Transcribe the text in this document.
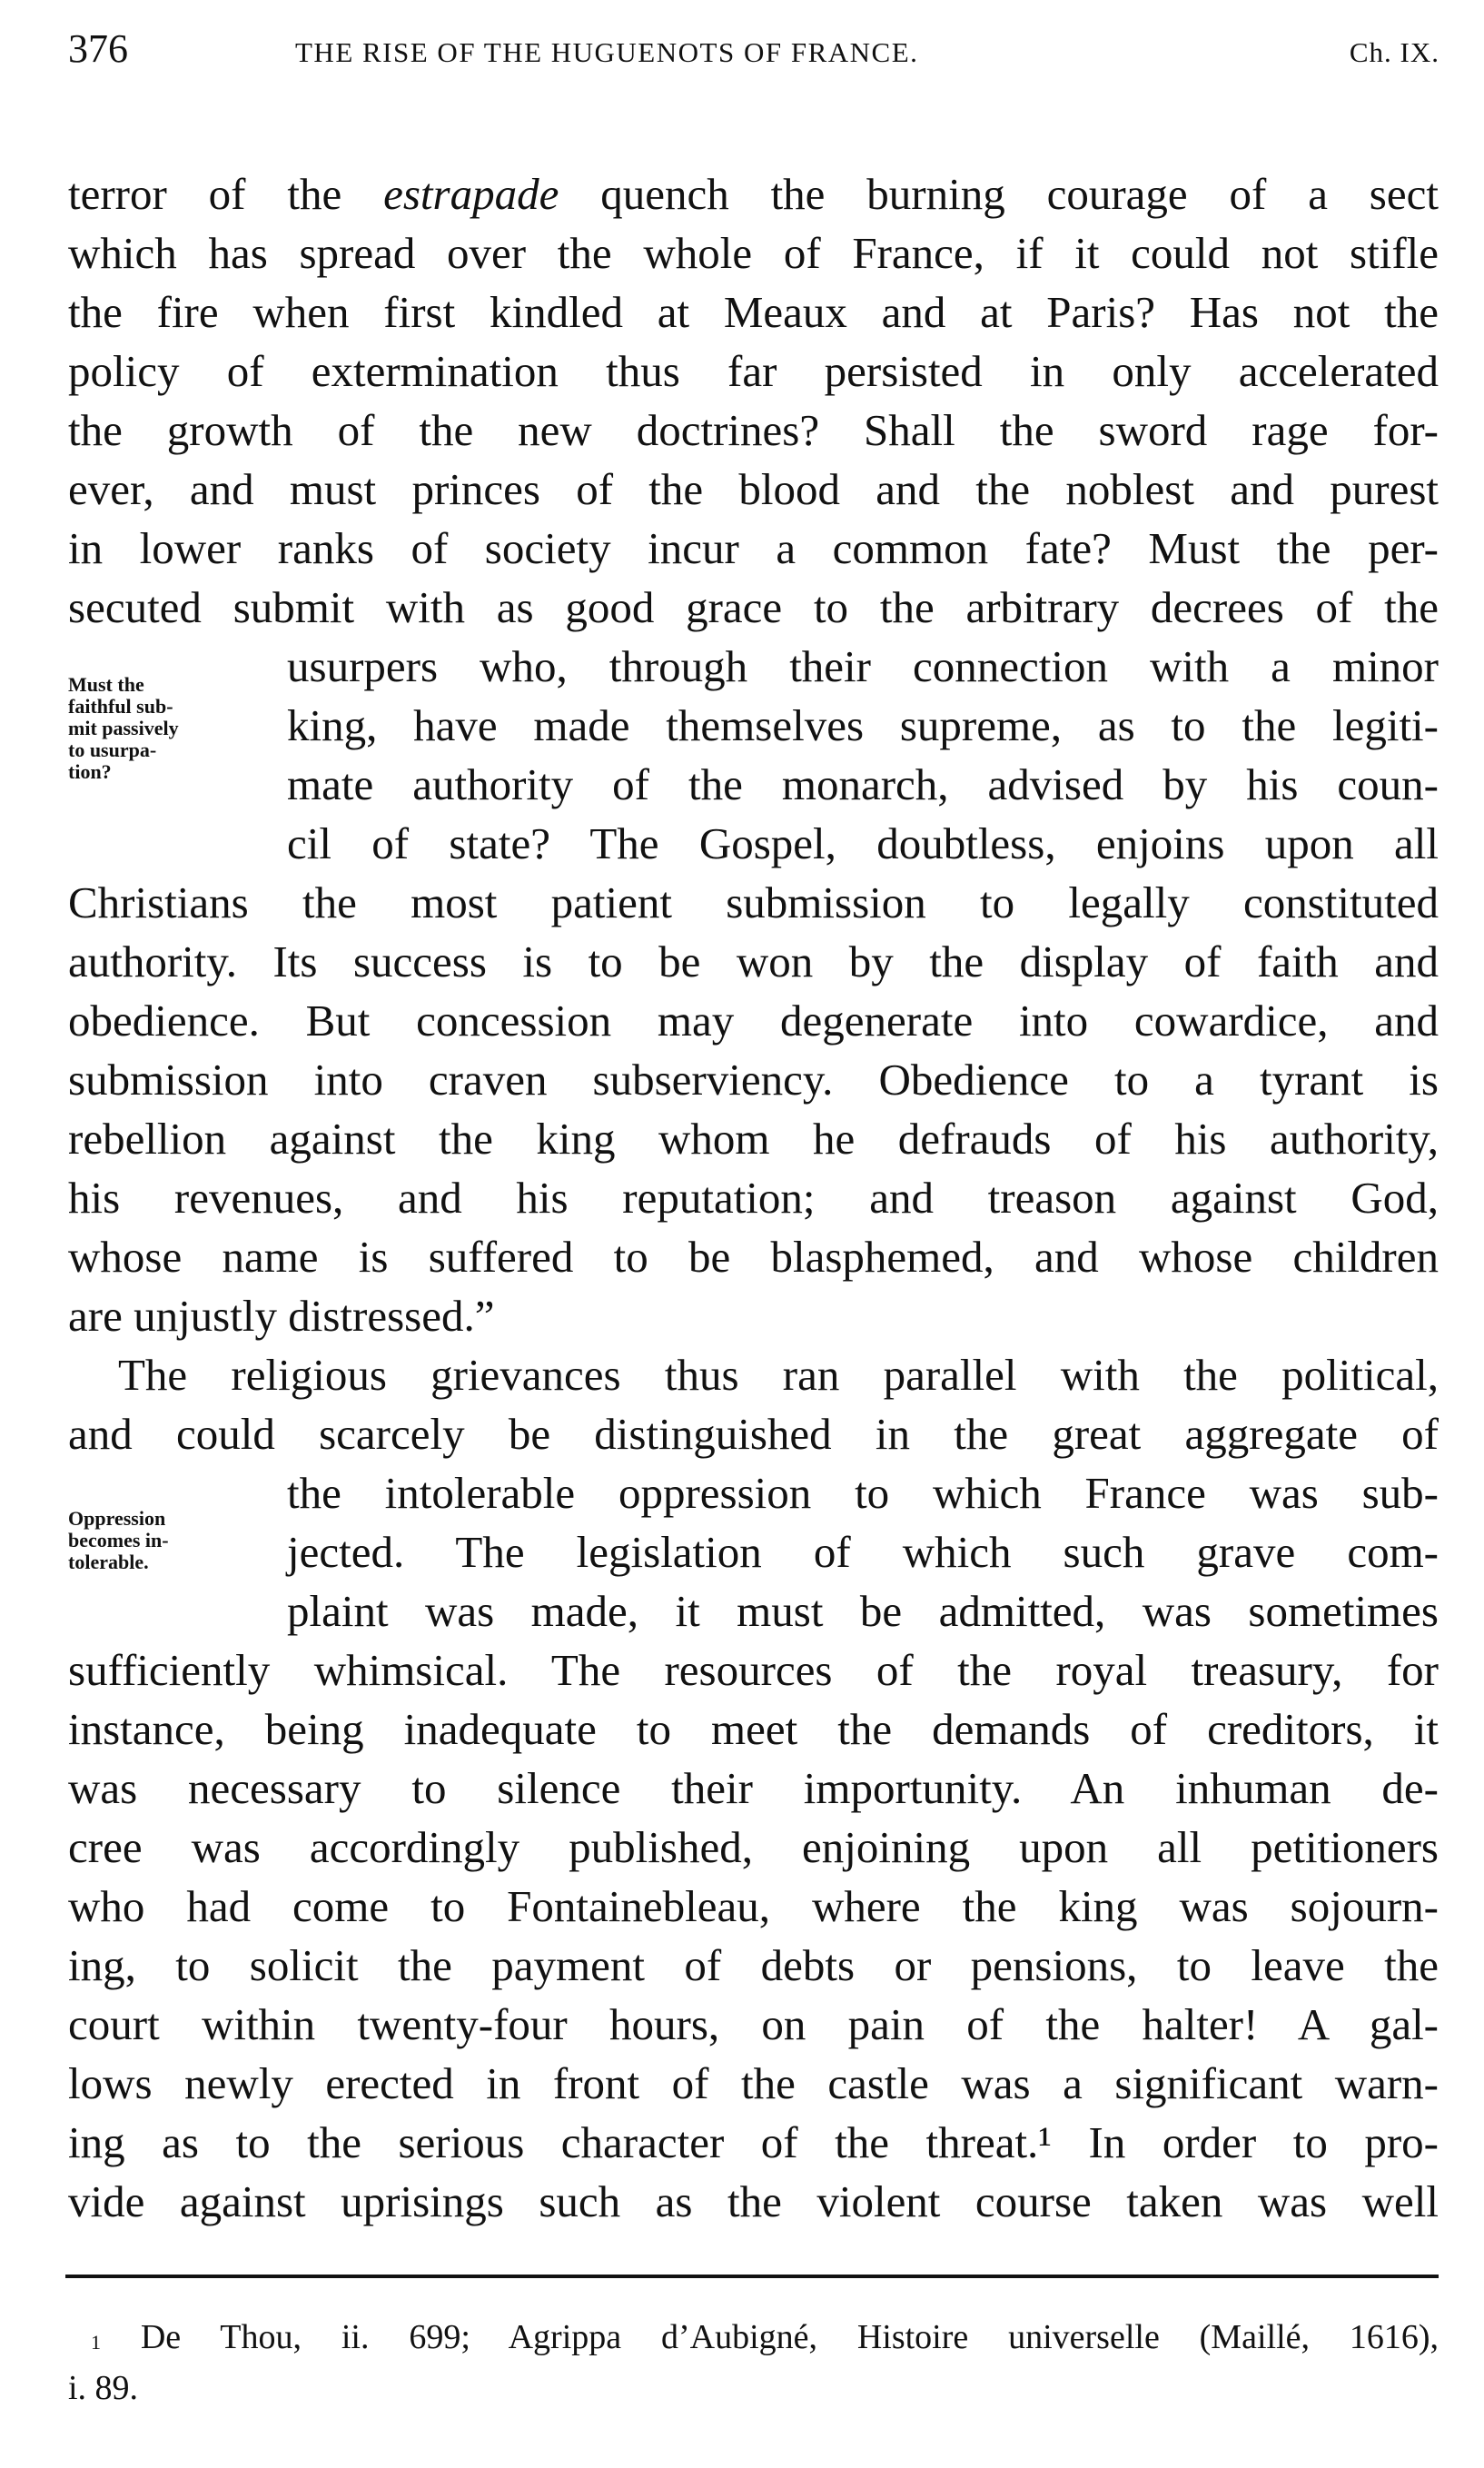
376	THE RISE OF THE HUGUENOTS OF FRANCE.	Ch. IX.
terror of the estrapade quench the burning courage of a sect
which has spread over the whole of France, if it could not stifle
the fire when first kindled at Meaux and at Paris? Has not the
policy of extermination thus far persisted in only accelerated
the growth of the new doctrines? Shall the sword rage for-
ever, and must princes of the blood and the noblest and purest
in lower ranks of society incur a common fate? Must the per-
secuted submit with as good grace to the arbitrary decrees of the
usurpers who, through their connection with a minor
king, have made themselves supreme, as to the legiti-
mate authority of the monarch, advised by his coun-
cil of state? The Gospel, doubtless, enjoins upon all
Christians the most patient submission to legally constituted
authority. Its success is to be won by the display of faith and
obedience. But concession may degenerate into cowardice, and
submission into craven subserviency. Obedience to a tyrant is
rebellion against the king whom he defrauds of his authority,
his revenues, and his reputation; and treason against God,
whose name is suffered to be blasphemed, and whose children
are unjustly distressed.”
The religious grievances thus ran parallel with the political,
and could scarcely be distinguished in the great aggregate of
the intolerable oppression to which France was sub-
jected. The legislation of which such grave com-
plaint was made, it must be admitted, was sometimes
sufficiently whimsical. The resources of the royal treasury, for
instance, being inadequate to meet the demands of creditors, it
was necessary to silence their importunity. An inhuman de-
cree was accordingly published, enjoining upon all petitioners
who had come to Fontainebleau, where the king was sojourn-
ing, to solicit the payment of debts or pensions, to leave the
court within twenty-four hours, on pain of the halter! A gal-
lows newly erected in front of the castle was a significant warn-
ing as to the serious character of the threat.¹ In order to pro-
vide against uprisings such as the violent course taken was well
Must the
faithful sub-
mit passively
to usurpa-
tion?
Oppression
becomes in-
tolerable.
$^1$ De Thou, ii. 699; Agrippa d’Aubigné, Histoire universelle (Maillé, 1616),
i. 89.
